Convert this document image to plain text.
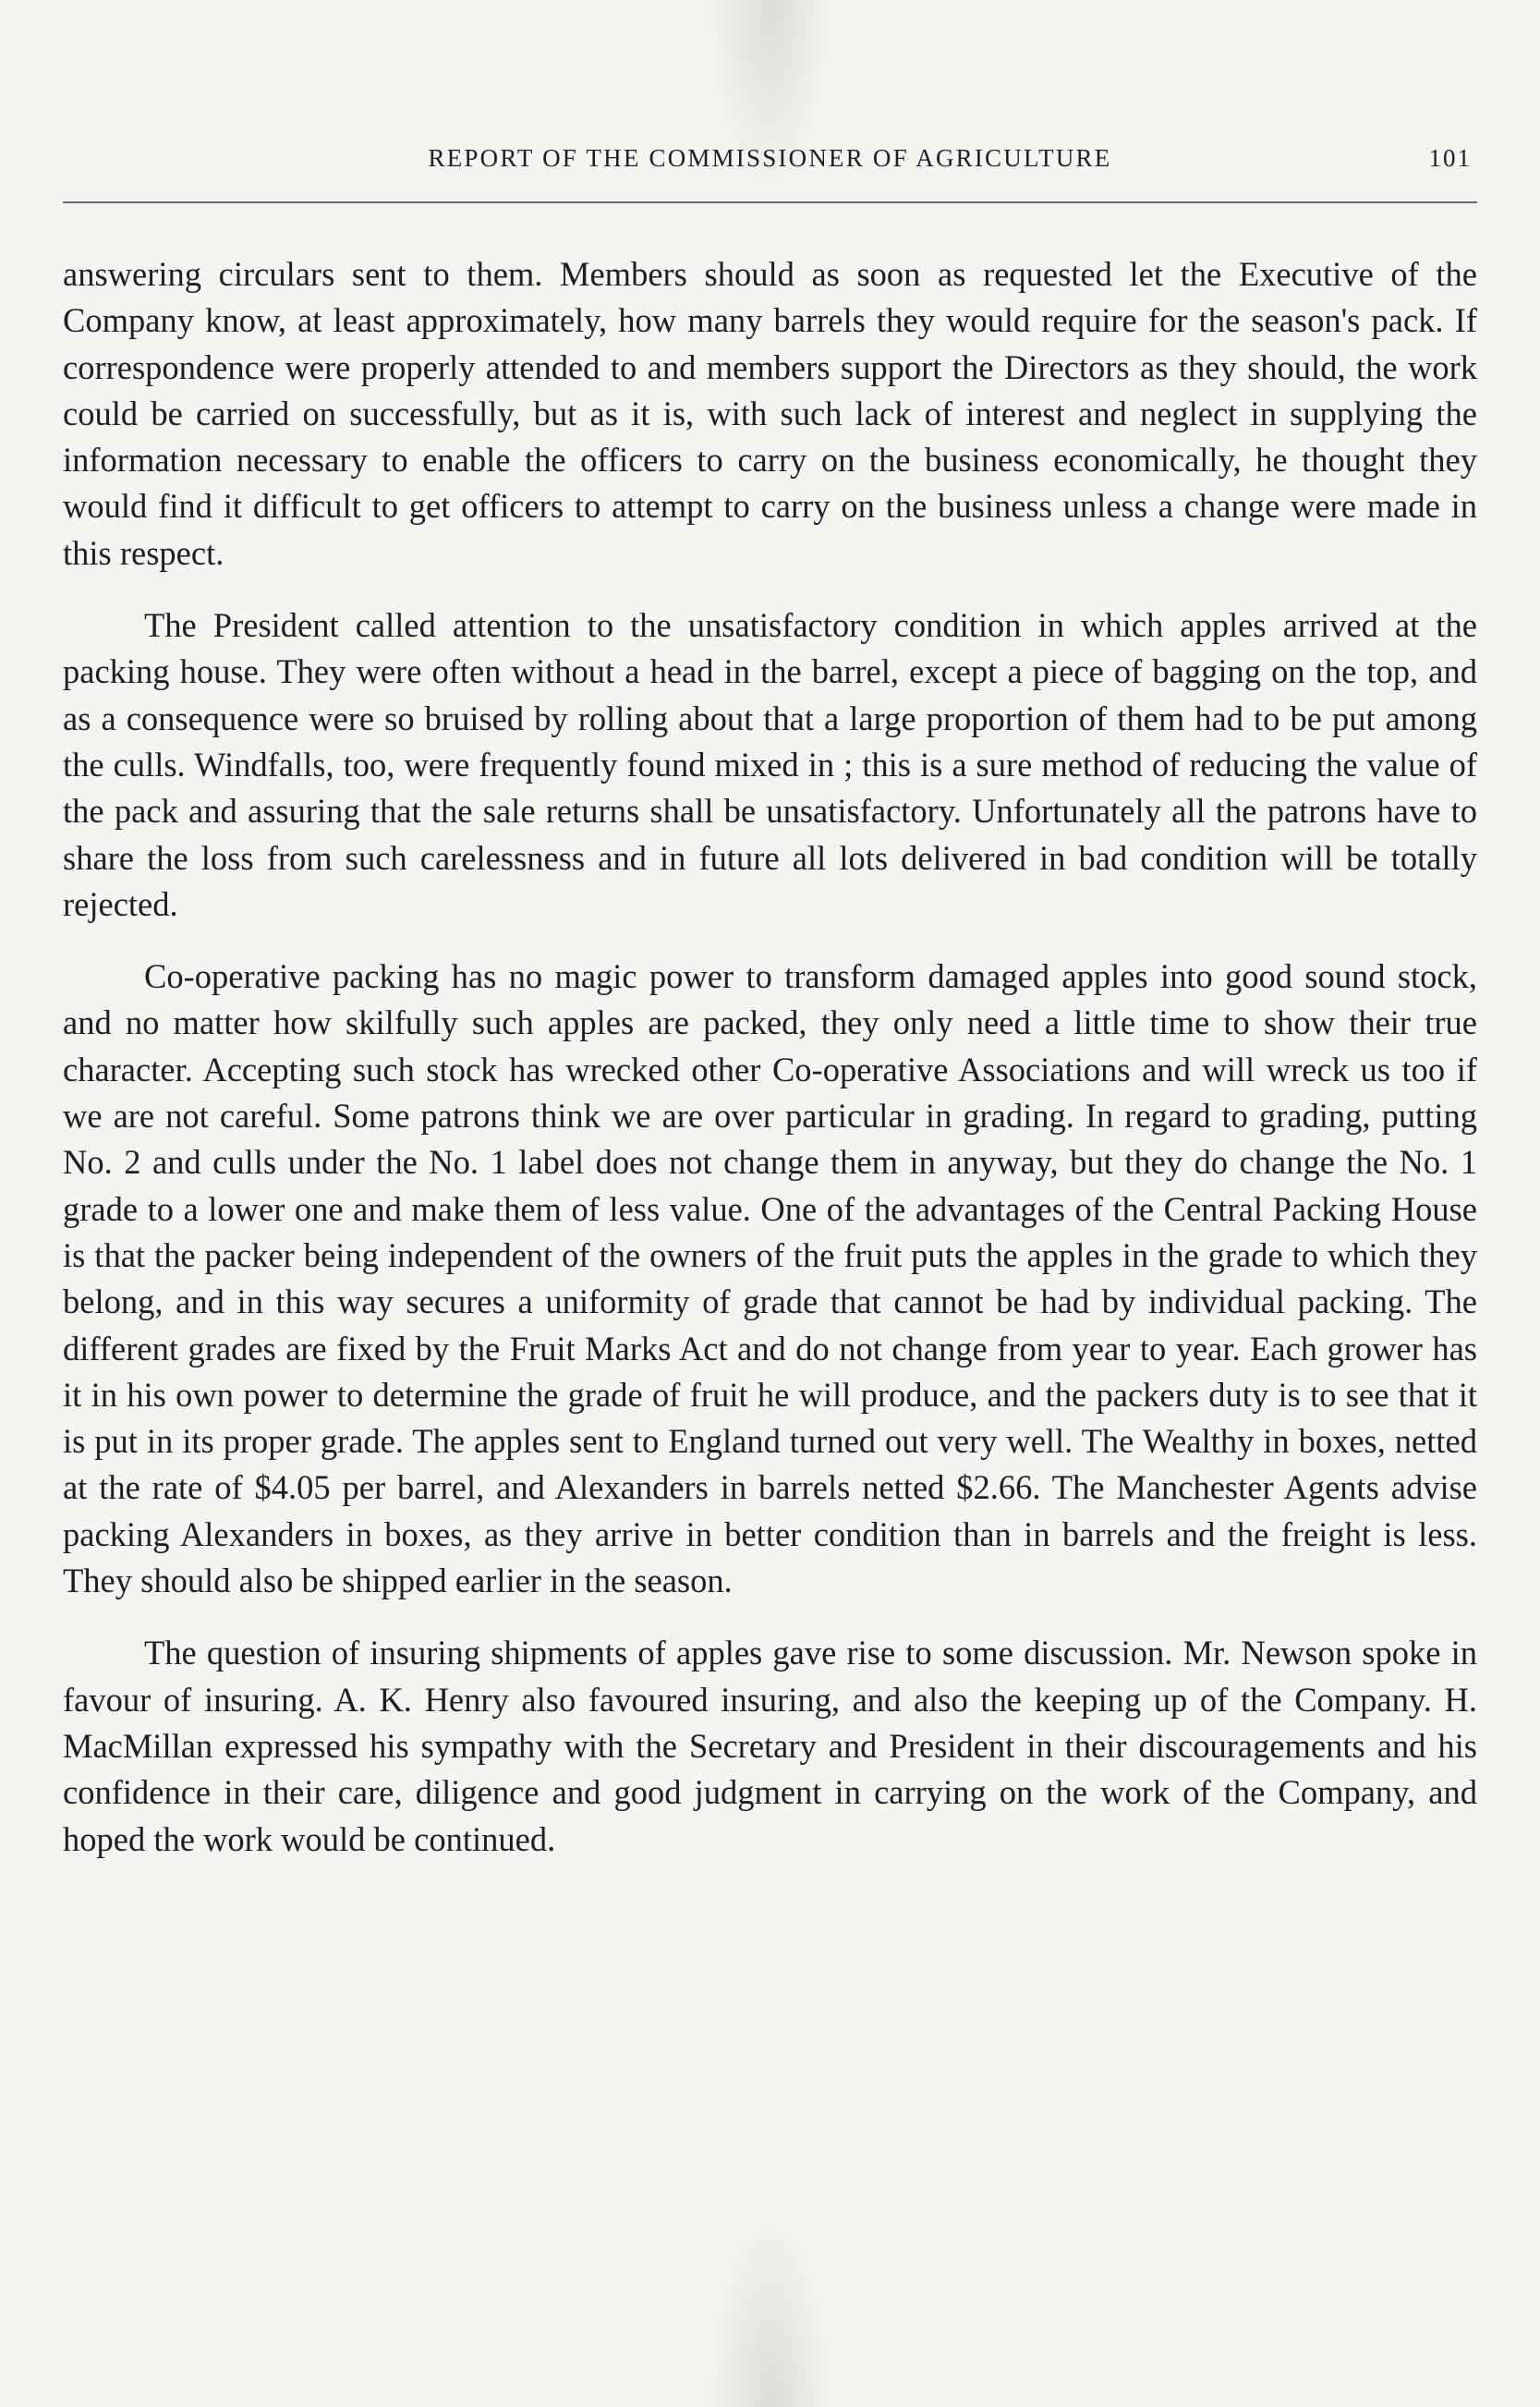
REPORT OF THE COMMISSIONER OF AGRICULTURE	101

answering circulars sent to them. Members should as soon as requested let the Executive of the Company know, at least approximately, how many barrels they would require for the season's pack. If correspondence were properly attended to and members support the Directors as they should, the work could be carried on successfully, but as it is, with such lack of interest and neglect in supplying the information necessary to enable the officers to carry on the business economically, he thought they would find it difficult to get officers to attempt to carry on the business unless a change were made in this respect.

The President called attention to the unsatisfactory condition in which apples arrived at the packing house. They were often without a head in the barrel, except a piece of bagging on the top, and as a consequence were so bruised by rolling about that a large proportion of them had to be put among the culls. Windfalls, too, were frequently found mixed in ; this is a sure method of reducing the value of the pack and assuring that the sale returns shall be unsatisfactory. Unfortunately all the patrons have to share the loss from such carelessness and in future all lots delivered in bad condition will be totally rejected.

Co-operative packing has no magic power to transform damaged apples into good sound stock, and no matter how skilfully such apples are packed, they only need a little time to show their true character. Accepting such stock has wrecked other Co-operative Associations and will wreck us too if we are not careful. Some patrons think we are over particular in grading. In regard to grading, putting No. 2 and culls under the No. 1 label does not change them in anyway, but they do change the No. 1 grade to a lower one and make them of less value. One of the advantages of the Central Packing House is that the packer being independent of the owners of the fruit puts the apples in the grade to which they belong, and in this way secures a uniformity of grade that cannot be had by individual packing. The different grades are fixed by the Fruit Marks Act and do not change from year to year. Each grower has it in his own power to determine the grade of fruit he will produce, and the packers duty is to see that it is put in its proper grade. The apples sent to England turned out very well. The Wealthy in boxes, netted at the rate of $4.05 per barrel, and Alexanders in barrels netted $2.66. The Manchester Agents advise packing Alexanders in boxes, as they arrive in better condition than in barrels and the freight is less. They should also be shipped earlier in the season.

The question of insuring shipments of apples gave rise to some discussion. Mr. Newson spoke in favour of insuring. A. K. Henry also favoured insuring, and also the keeping up of the Company. H. MacMillan expressed his sympathy with the Secretary and President in their discouragements and his confidence in their care, diligence and good judgment in carrying on the work of the Company, and hoped the work would be continued.
